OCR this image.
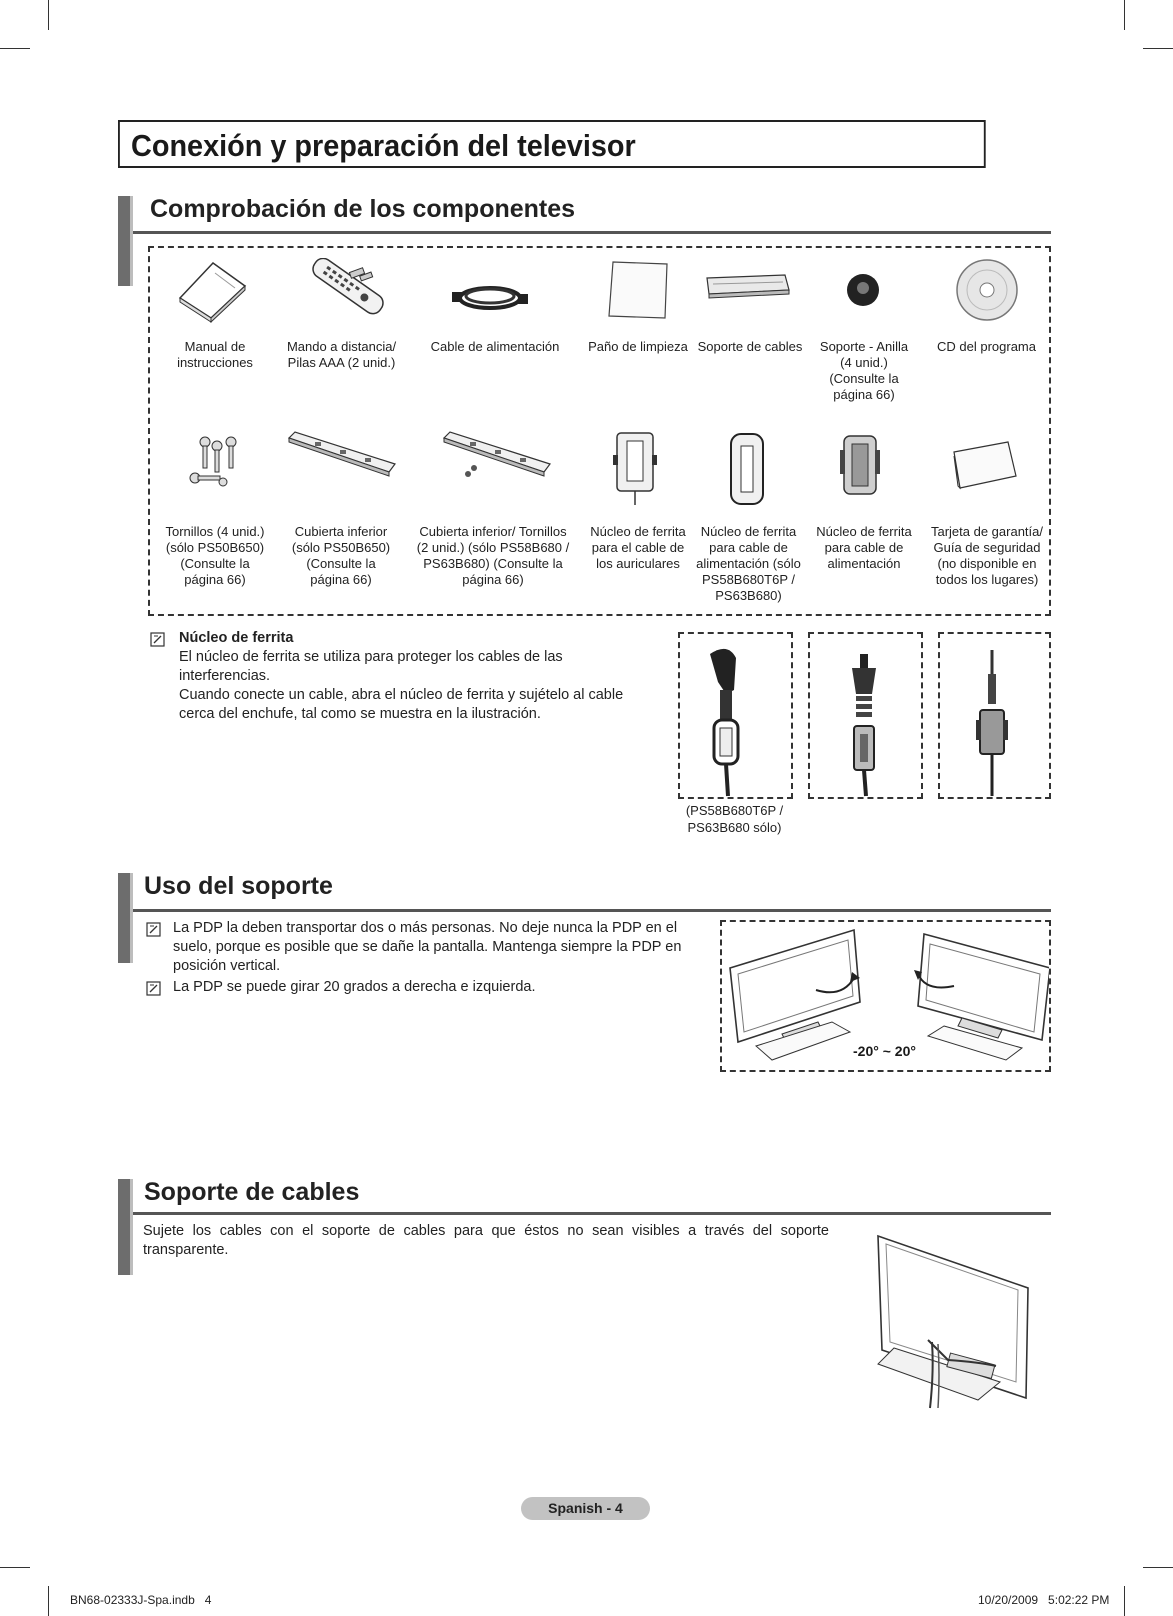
Conexión y preparación del televisor
Comprobación de los componentes
Manual de instrucciones
Mando a distancia/ Pilas AAA (2 unid.)
Cable de alimentación	Paño de limpieza Soporte de cables	Soporte - Anilla (4 unid.) (Consulte la página 66)
CD del programa
Tornillos (4 unid.) (sólo PS50B650) (Consulte la página 66)
Cubierta inferior (sólo PS50B650) (Consulte la página 66)
Cubierta inferior/ Tornillos (2 unid.) (sólo PS58B680 / PS63B680) (Consulte la página 66)
Núcleo de ferrita para el cable de los auriculares
Núcleo de ferrita para cable de alimentación (sólo PS58B680T6P / PS63B680)
Núcleo de ferrita para cable de alimentación
Tarjeta de garantía/ Guía de seguridad (no disponible en todos los lugares)
Núcleo de ferrita
El núcleo de ferrita se utiliza para proteger los cables de las interferencias.
Cuando conecte un cable, abra el núcleo de ferrita y sujételo al cable cerca del enchufe, tal como se muestra en la ilustración.
(PS58B680T6P / PS63B680 sólo)
Uso del soporte
La PDP la deben transportar dos o más personas. No deje nunca la PDP en el suelo, porque es posible que se dañe la pantalla. Mantenga siempre la PDP en posición vertical.
La PDP se puede girar 20 grados a derecha e izquierda.
-20° ~ 20°
Soporte de cables
Sujete los cables con el soporte de cables para que éstos no sean visibles a través del soporte transparente.
Spanish - 4
BN68-02333J-Spa.indb   4	10/20/2009   5:02:22 PM
